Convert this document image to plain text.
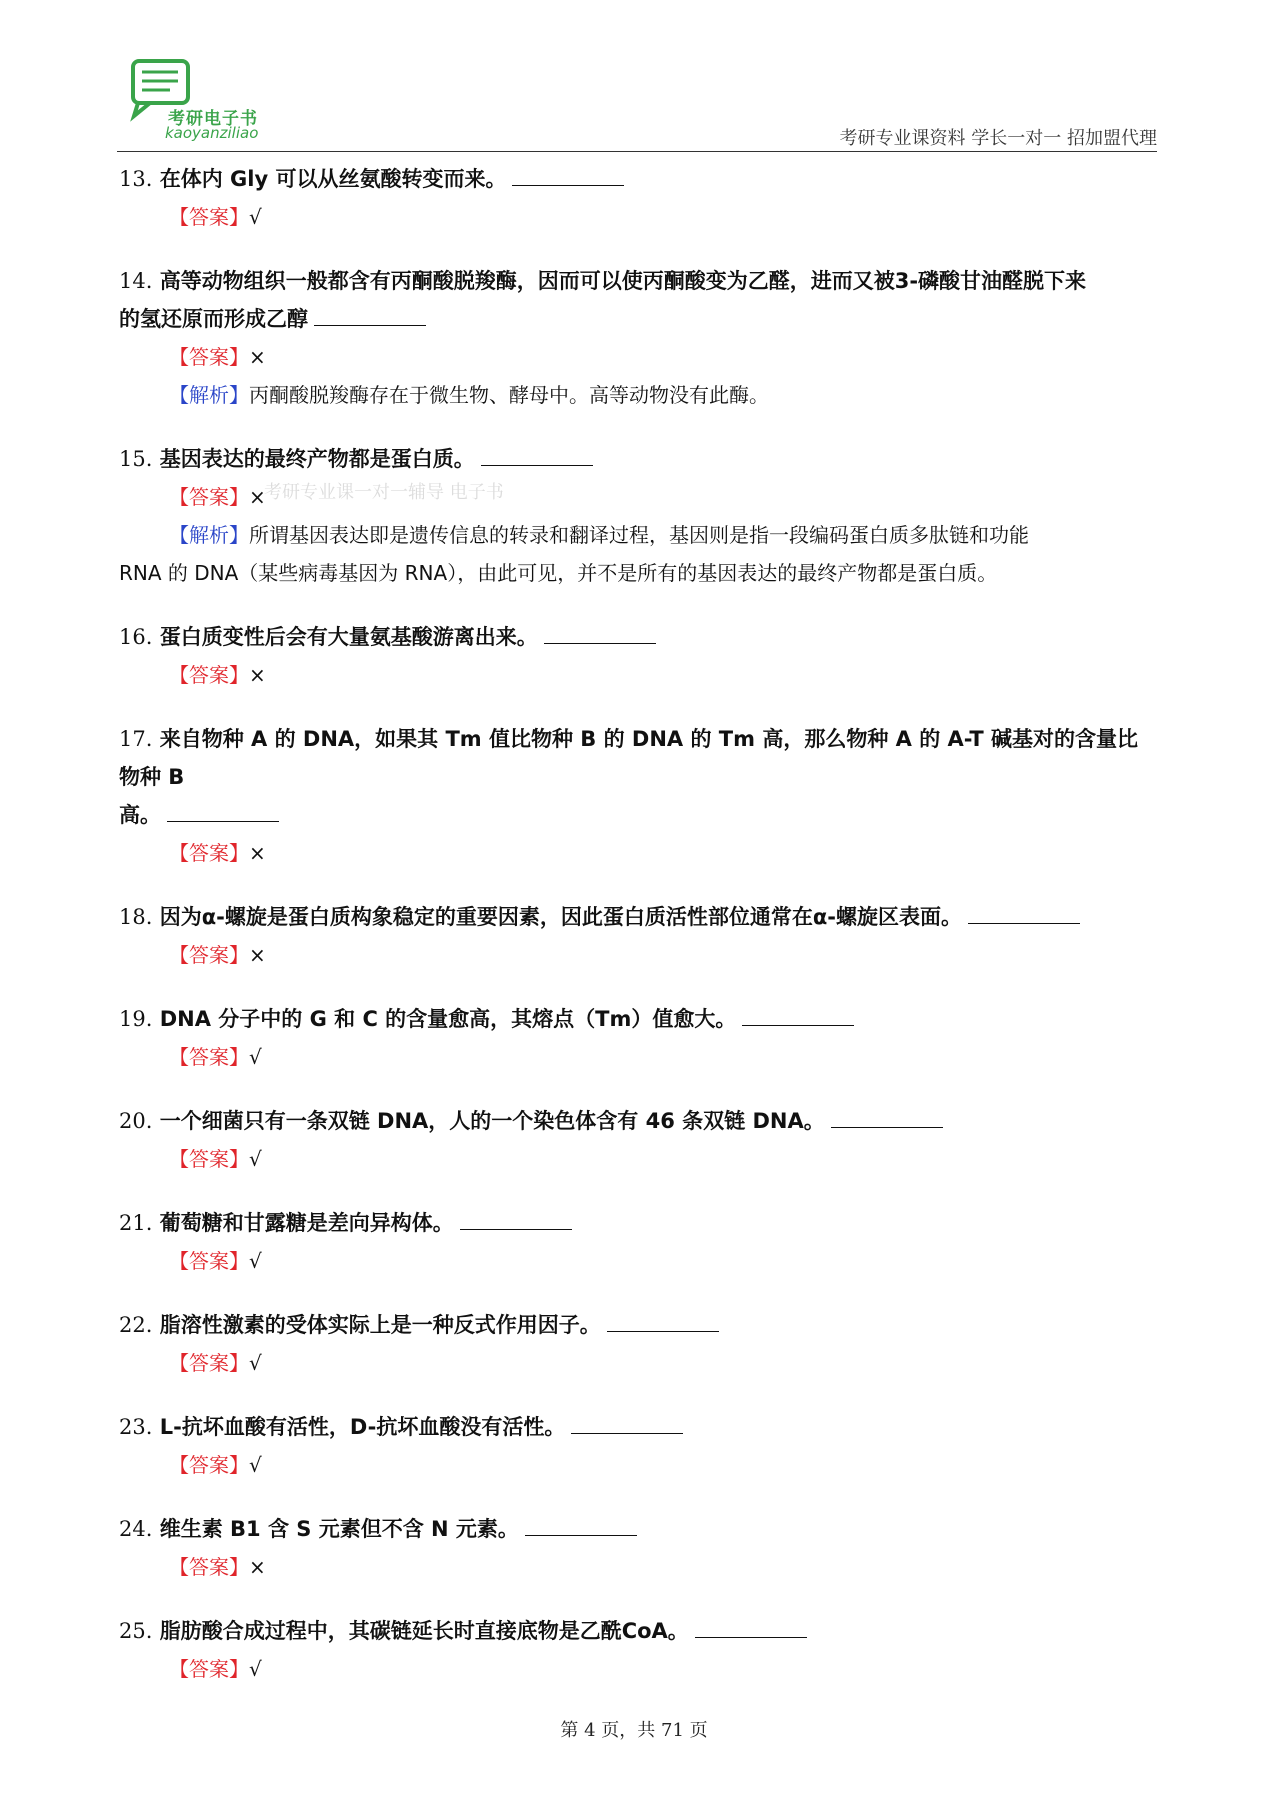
考研电子书
kaoyanziliao	考研专业课资料 学长一对一 招加盟代理
考研专业课一对一辅导 电子书
13. 在体内 Gly 可以从丝氨酸转变而来。
【答案】√
14. 高等动物组织一般都含有丙酮酸脱羧酶，因而可以使丙酮酸变为乙醛，进而又被3-磷酸甘油醛脱下来
的氢还原而形成乙醇
【答案】×
【解析】丙酮酸脱羧酶存在于微生物、酵母中。高等动物没有此酶。
15. 基因表达的最终产物都是蛋白质。
【答案】×
【解析】所谓基因表达即是遗传信息的转录和翻译过程，基因则是指一段编码蛋白质多肽链和功能
RNA 的 DNA（某些病毒基因为 RNA），由此可见，并不是所有的基因表达的最终产物都是蛋白质。
16. 蛋白质变性后会有大量氨基酸游离出来。
【答案】×
17. 来自物种 A 的 DNA，如果其 Tm 值比物种 B 的 DNA 的 Tm 高，那么物种 A 的 A-T 碱基对的含量比物种 B
高。
【答案】×
18. 因为α-螺旋是蛋白质构象稳定的重要因素，因此蛋白质活性部位通常在α-螺旋区表面。
【答案】×
19. DNA 分子中的 G 和 C 的含量愈高，其熔点（Tm）值愈大。
【答案】√
20. 一个细菌只有一条双链 DNA，人的一个染色体含有 46 条双链 DNA。
【答案】√
21. 葡萄糖和甘露糖是差向异构体。
【答案】√
22. 脂溶性激素的受体实际上是一种反式作用因子。
【答案】√
23. L-抗坏血酸有活性，D-抗坏血酸没有活性。
【答案】√
24. 维生素 B1 含 S 元素但不含 N 元素。
【答案】×
25. 脂肪酸合成过程中，其碳链延长时直接底物是乙酰CoA。
【答案】√
第 4 页，共 71 页
